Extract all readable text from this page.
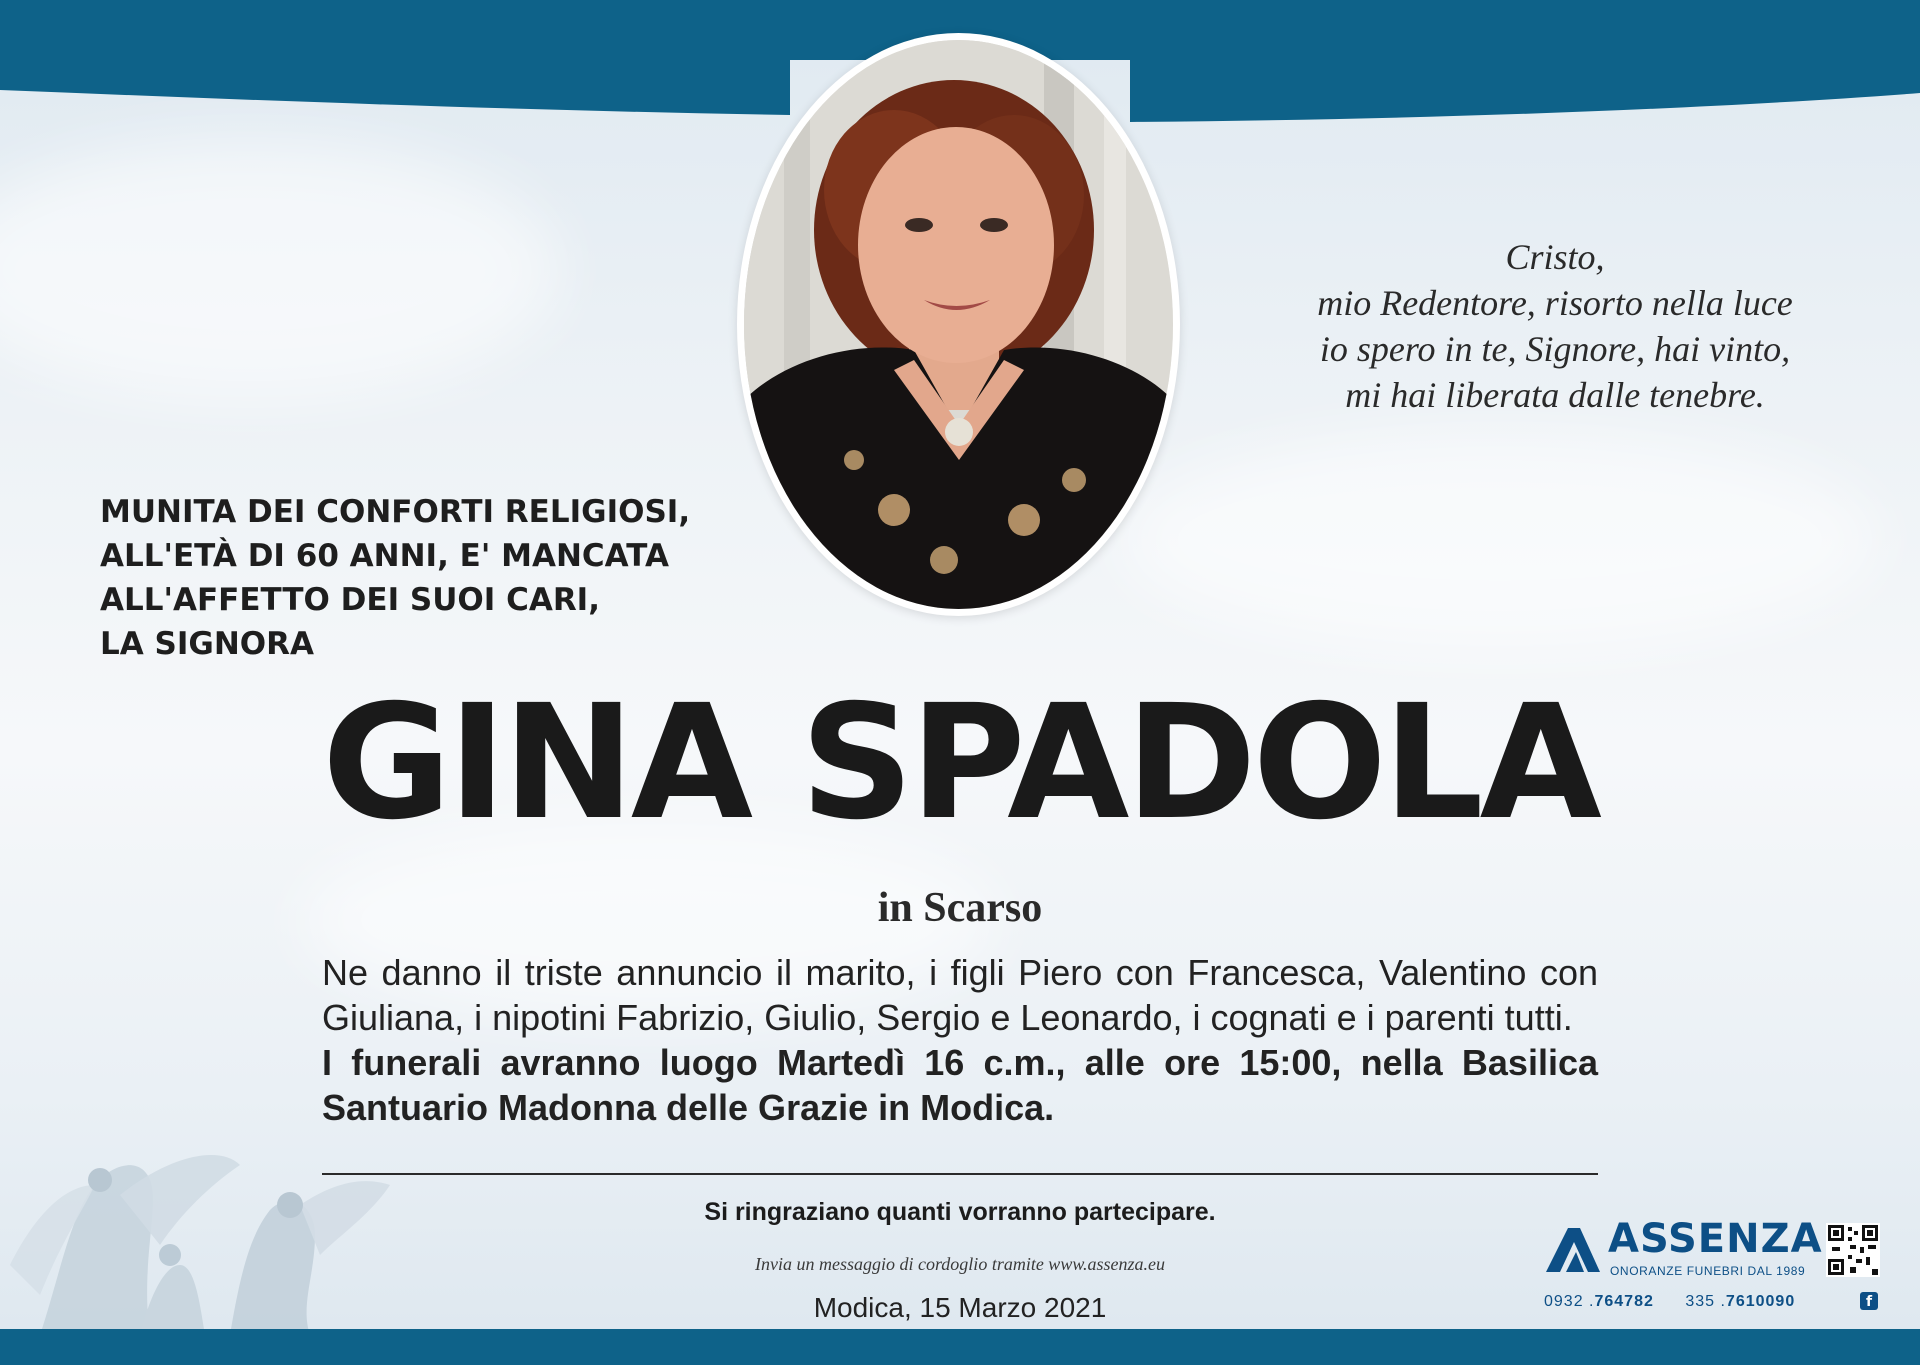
Cristo,
mio Redentore, risorto nella luce
io spero in te, Signore, hai vinto,
mi hai liberata dalle tenebre.
MUNITA DEI CONFORTI RELIGIOSI,
ALL'ETÀ DI 60 ANNI, E' MANCATA
ALL'AFFETTO DEI SUOI CARI,
LA SIGNORA
GINA SPADOLA
in Scarso

Ne danno il triste annuncio il marito, i figli Piero con Francesca, Valentino con Giuliana, i nipotini Fabrizio, Giulio, Sergio e Leonardo, i cognati e i parenti tutti.

I funerali avranno luogo Martedì 16 c.m., alle ore 15:00, nella Basilica Santuario Madonna delle Grazie in Modica.

Si ringraziano quanti vorranno partecipare.
Invia un messaggio di cordoglio tramite www.assenza.eu
Modica, 15 Marzo 2021
ASSENZA
ONORANZE FUNEBRI DAL 1989
0932 .764782 335 .7610090	f
